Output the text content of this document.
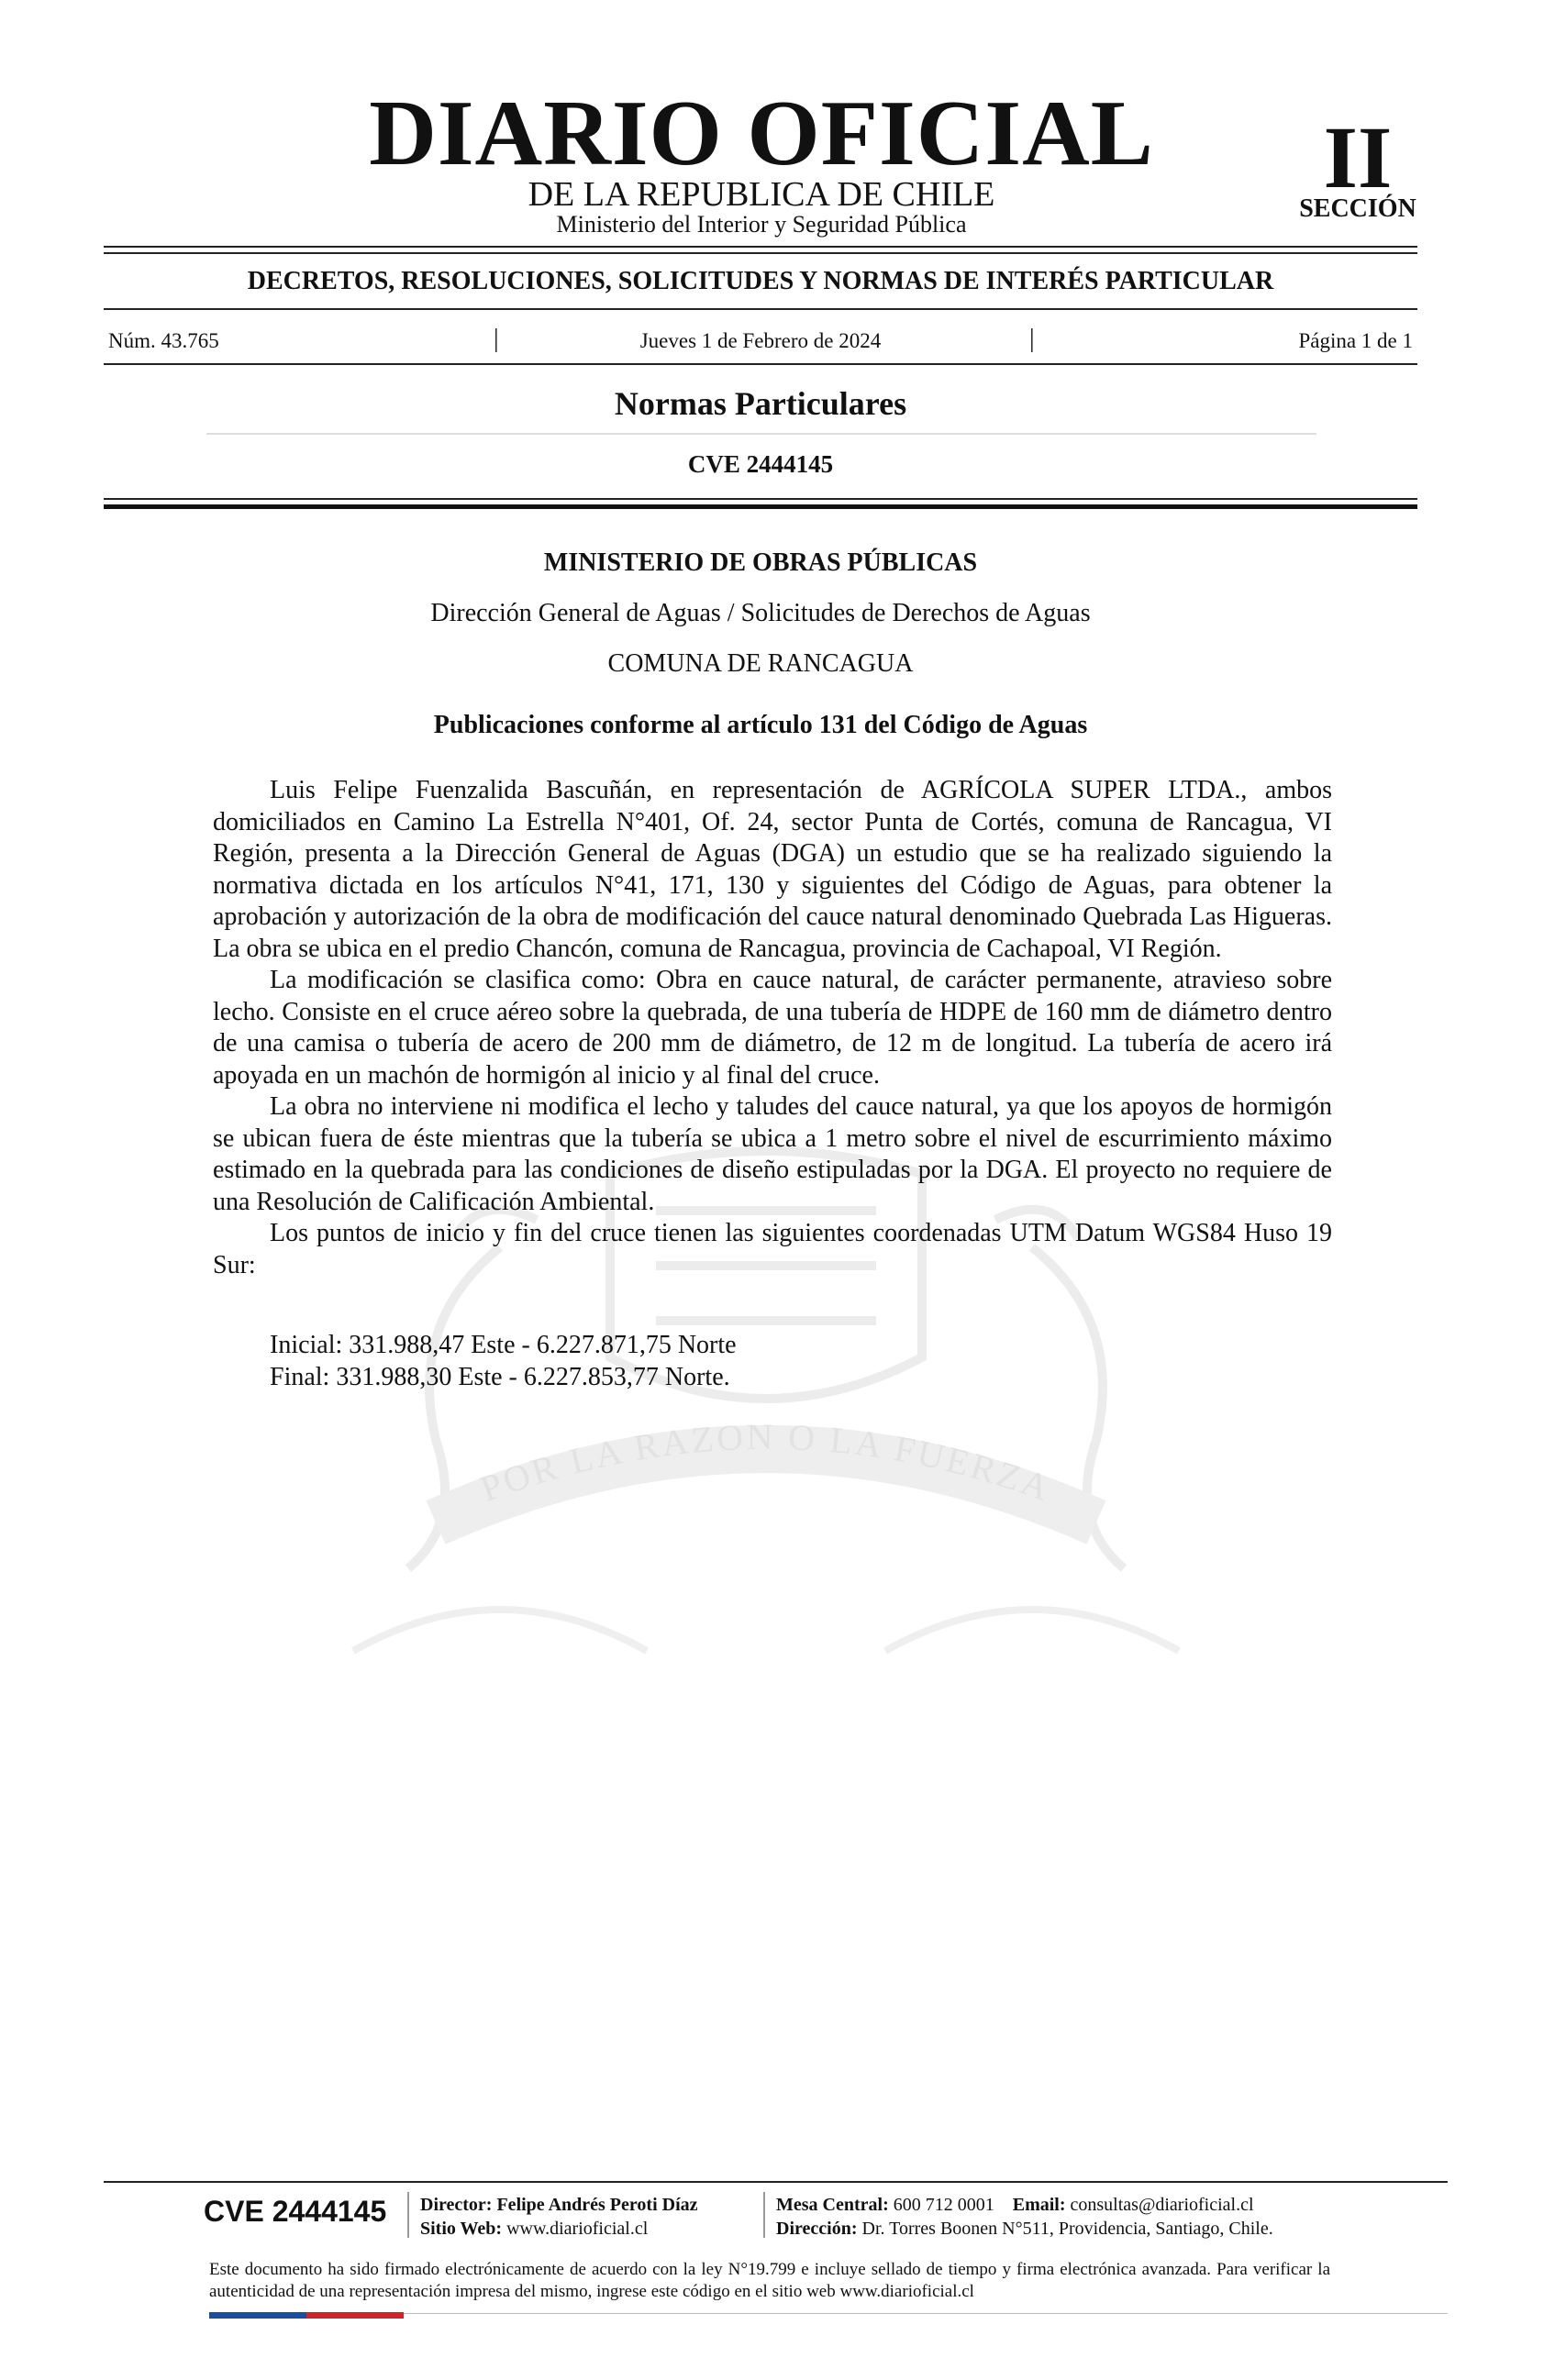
POR LA RAZON O LA FUERZA
DIARIO OFICIAL
DE LA REPUBLICA DE CHILE
Ministerio del Interior y Seguridad Pública
II
SECCIÓN
DECRETOS, RESOLUCIONES, SOLICITUDES Y NORMAS DE INTERÉS PARTICULAR
Núm. 43.765	|	Jueves 1 de Febrero de 2024	|	Página 1 de 1
Normas Particulares
CVE 2444145
MINISTERIO DE OBRAS PÚBLICAS
Dirección General de Aguas / Solicitudes de Derechos de Aguas
COMUNA DE RANCAGUA
Publicaciones conforme al artículo 131 del Código de Aguas

Luis Felipe Fuenzalida Bascuñán, en representación de AGRÍCOLA SUPER LTDA., ambos domiciliados en Camino La Estrella N°401, Of. 24, sector Punta de Cortés, comuna de Rancagua, VI Región, presenta a la Dirección General de Aguas (DGA) un estudio que se ha realizado siguiendo la normativa dictada en los artículos N°41, 171, 130 y siguientes del Código de Aguas, para obtener la aprobación y autorización de la obra de modificación del cauce natural denominado Quebrada Las Higueras. La obra se ubica en el predio Chancón, comuna de Rancagua, provincia de Cachapoal, VI Región.

La modificación se clasifica como: Obra en cauce natural, de carácter permanente, atravieso sobre lecho. Consiste en el cruce aéreo sobre la quebrada, de una tubería de HDPE de 160 mm de diámetro dentro de una camisa o tubería de acero de 200 mm de diámetro, de 12 m de longitud. La tubería de acero irá apoyada en un machón de hormigón al inicio y al final del cruce.

La obra no interviene ni modifica el lecho y taludes del cauce natural, ya que los apoyos de hormigón se ubican fuera de éste mientras que la tubería se ubica a 1 metro sobre el nivel de escurrimiento máximo estimado en la quebrada para las condiciones de diseño estipuladas por la DGA. El proyecto no requiere de una Resolución de Calificación Ambiental.

Los puntos de inicio y fin del cruce tienen las siguientes coordenadas UTM Datum WGS84 Huso 19 Sur:

Inicial: 331.988,47 Este - 6.227.871,75 Norte
Final: 331.988,30 Este - 6.227.853,77 Norte.
CVE 2444145 Director: Felipe Andrés Peroti Díaz
Sitio Web: www.diarioficial.cl
Mesa Central: 600 712 0001 Email: consultas@diarioficial.cl
Dirección: Dr. Torres Boonen N°511, Providencia, Santiago, Chile.
Este documento ha sido firmado electrónicamente de acuerdo con la ley N°19.799 e incluye sellado de tiempo y firma electrónica avanzada. Para verificar la autenticidad de una representación impresa del mismo, ingrese este código en el sitio web www.diarioficial.cl
